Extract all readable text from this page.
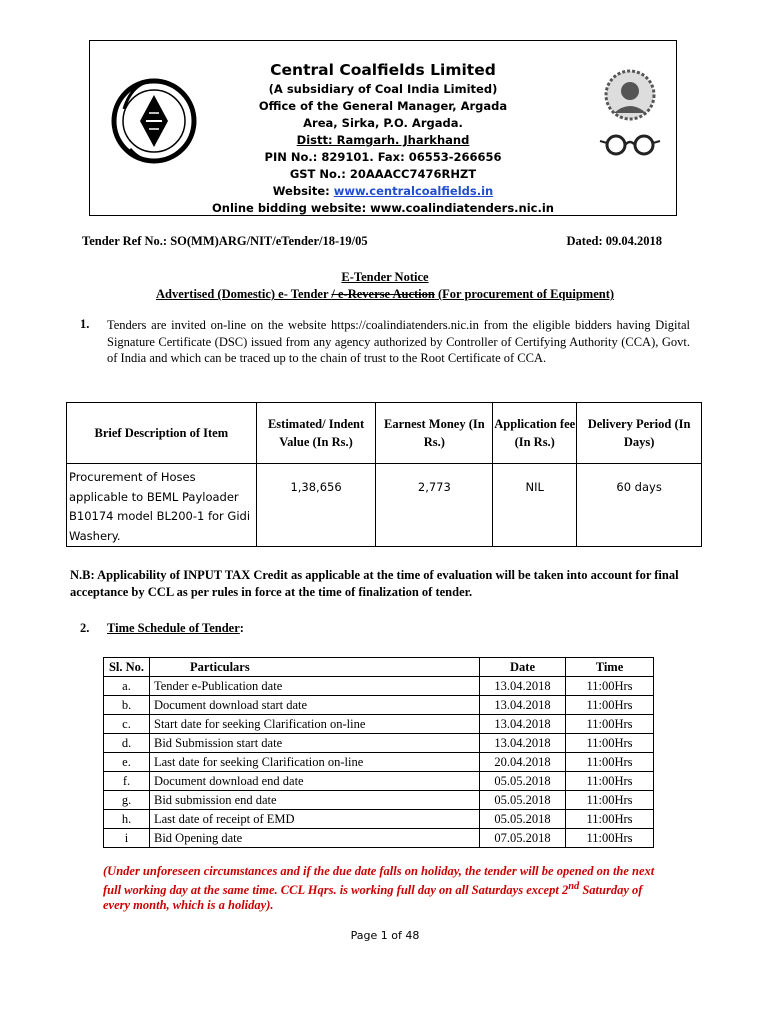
Central Coalfields Limited
(A subsidiary of Coal India Limited)
Office of the General Manager, Argada
Area, Sirka, P.O. Argada.
Distt: Ramgarh. Jharkhand
PIN No.: 829101. Fax: 06553-266656
GST No.: 20AAACC7476RHZT
Website: www.centralcoalfields.in
Online bidding website: www.coalindiatenders.nic.in
Tender Ref No.: SO(MM)ARG/NIT/eTender/18-19/05	Dated: 09.04.2018
E-Tender Notice
Advertised (Domestic) e- Tender / e-Reverse Auction (For procurement of Equipment)
1. Tenders are invited on-line on the website https://coalindiatenders.nic.in from the eligible bidders having Digital Signature Certificate (DSC) issued from any agency authorized by Controller of Certifying Authority (CCA), Govt. of India and which can be traced up to the chain of trust to the Root Certificate of CCA.
Brief Description of Item	Estimated/ Indent Value (In Rs.)	Earnest Money (In Rs.)	Application fee (In Rs.)	Delivery Period (In Days)
Procurement of Hoses applicable to BEML Payloader B10174 model BL200-1 for Gidi Washery.	1,38,656	2,773	NIL	60 days
N.B: Applicability of INPUT TAX Credit as applicable at the time of evaluation will be taken into account for final acceptance by CCL as per rules in force at the time of finalization of tender.
2. Time Schedule of Tender:
Sl. No.	Particulars	Date	Time
a.	Tender e-Publication date	13.04.2018	11:00Hrs
b.	Document download start date	13.04.2018	11:00Hrs
c.	Start date for seeking Clarification on-line	13.04.2018	11:00Hrs
d.	Bid Submission start date	13.04.2018	11:00Hrs
e.	Last date for seeking Clarification on-line	20.04.2018	11:00Hrs
f.	Document download end date	05.05.2018	11:00Hrs
g.	Bid submission end date	05.05.2018	11:00Hrs
h.	Last date of receipt of EMD	05.05.2018	11:00Hrs
i	Bid Opening date	07.05.2018	11:00Hrs
(Under unforeseen circumstances and if the due date falls on holiday, the tender will be opened on the next full working day at the same time. CCL Hqrs. is working full day on all Saturdays except 2nd Saturday of every month, which is a holiday).
Page 1 of 48
